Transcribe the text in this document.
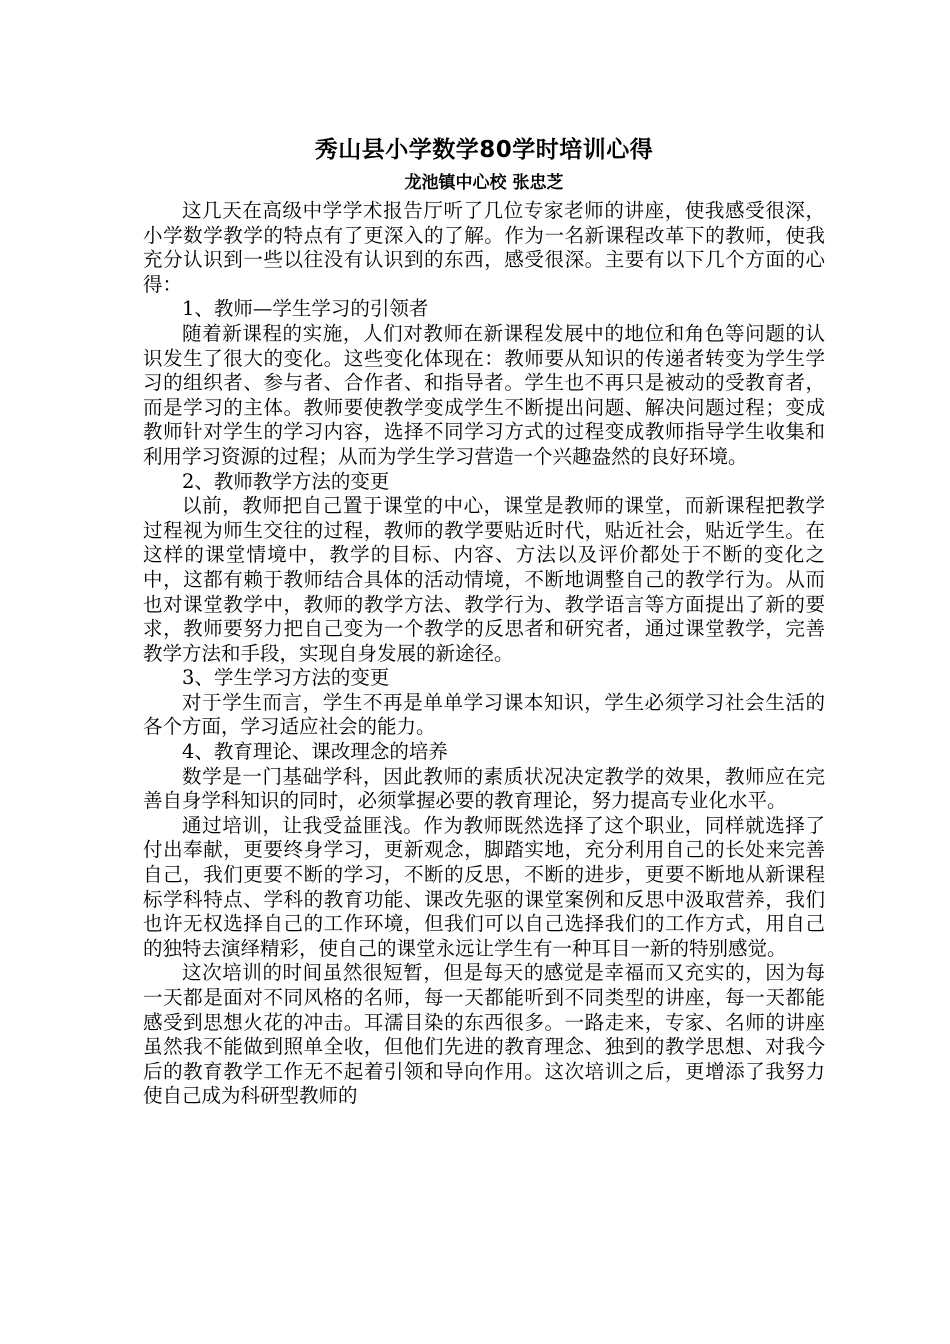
秀山县小学数学80学时培训心得
龙池镇中心校 张忠芝

这几天在高级中学学术报告厅听了几位专家老师的讲座，使我感受很深，小学数学教学的特点有了更深入的了解。作为一名新课程改革下的教师，使我充分认识到一些以往没有认识到的东西，感受很深。主要有以下几个方面的心得：

1、教师—学生学习的引领者

随着新课程的实施，人们对教师在新课程发展中的地位和角色等问题的认识发生了很大的变化。这些变化体现在：教师要从知识的传递者转变为学生学习的组织者、参与者、合作者、和指导者。学生也不再只是被动的受教育者，而是学习的主体。教师要使教学变成学生不断提出问题、解决问题过程；变成教师针对学生的学习内容，选择不同学习方式的过程变成教师指导学生收集和利用学习资源的过程；从而为学生学习营造一个兴趣盎然的良好环境。

2、教师教学方法的变更

以前，教师把自己置于课堂的中心，课堂是教师的课堂，而新课程把教学过程视为师生交往的过程，教师的教学要贴近时代，贴近社会，贴近学生。在这样的课堂情境中，教学的目标、内容、方法以及评价都处于不断的变化之中，这都有赖于教师结合具体的活动情境，不断地调整自己的教学行为。从而也对课堂教学中，教师的教学方法、教学行为、教学语言等方面提出了新的要求，教师要努力把自己变为一个教学的反思者和研究者，通过课堂教学，完善教学方法和手段，实现自身发展的新途径。

3、学生学习方法的变更

对于学生而言，学生不再是单单学习课本知识，学生必须学习社会生活的各个方面，学习适应社会的能力。

4、教育理论、课改理念的培养

数学是一门基础学科，因此教师的素质状况决定教学的效果，教师应在完善自身学科知识的同时，必须掌握必要的教育理论，努力提高专业化水平。

通过培训，让我受益匪浅。作为教师既然选择了这个职业，同样就选择了付出奉献，更要终身学习，更新观念，脚踏实地，充分利用自己的长处来完善自己，我们更要不断的学习，不断的反思，不断的进步，更要不断地从新课程标学科特点、学科的教育功能、课改先驱的课堂案例和反思中汲取营养，我们也许无权选择自己的工作环境，但我们可以自己选择我们的工作方式，用自己的独特去演绎精彩，使自己的课堂永远让学生有一种耳目一新的特别感觉。

这次培训的时间虽然很短暂，但是每天的感觉是幸福而又充实的，因为每一天都是面对不同风格的名师，每一天都能听到不同类型的讲座，每一天都能感受到思想火花的冲击。耳濡目染的东西很多。一路走来，专家、名师的讲座虽然我不能做到照单全收，但他们先进的教育理念、独到的教学思想、对我今后的教育教学工作无不起着引领和导向作用。这次培训之后，更增添了我努力使自己成为科研型教师的
